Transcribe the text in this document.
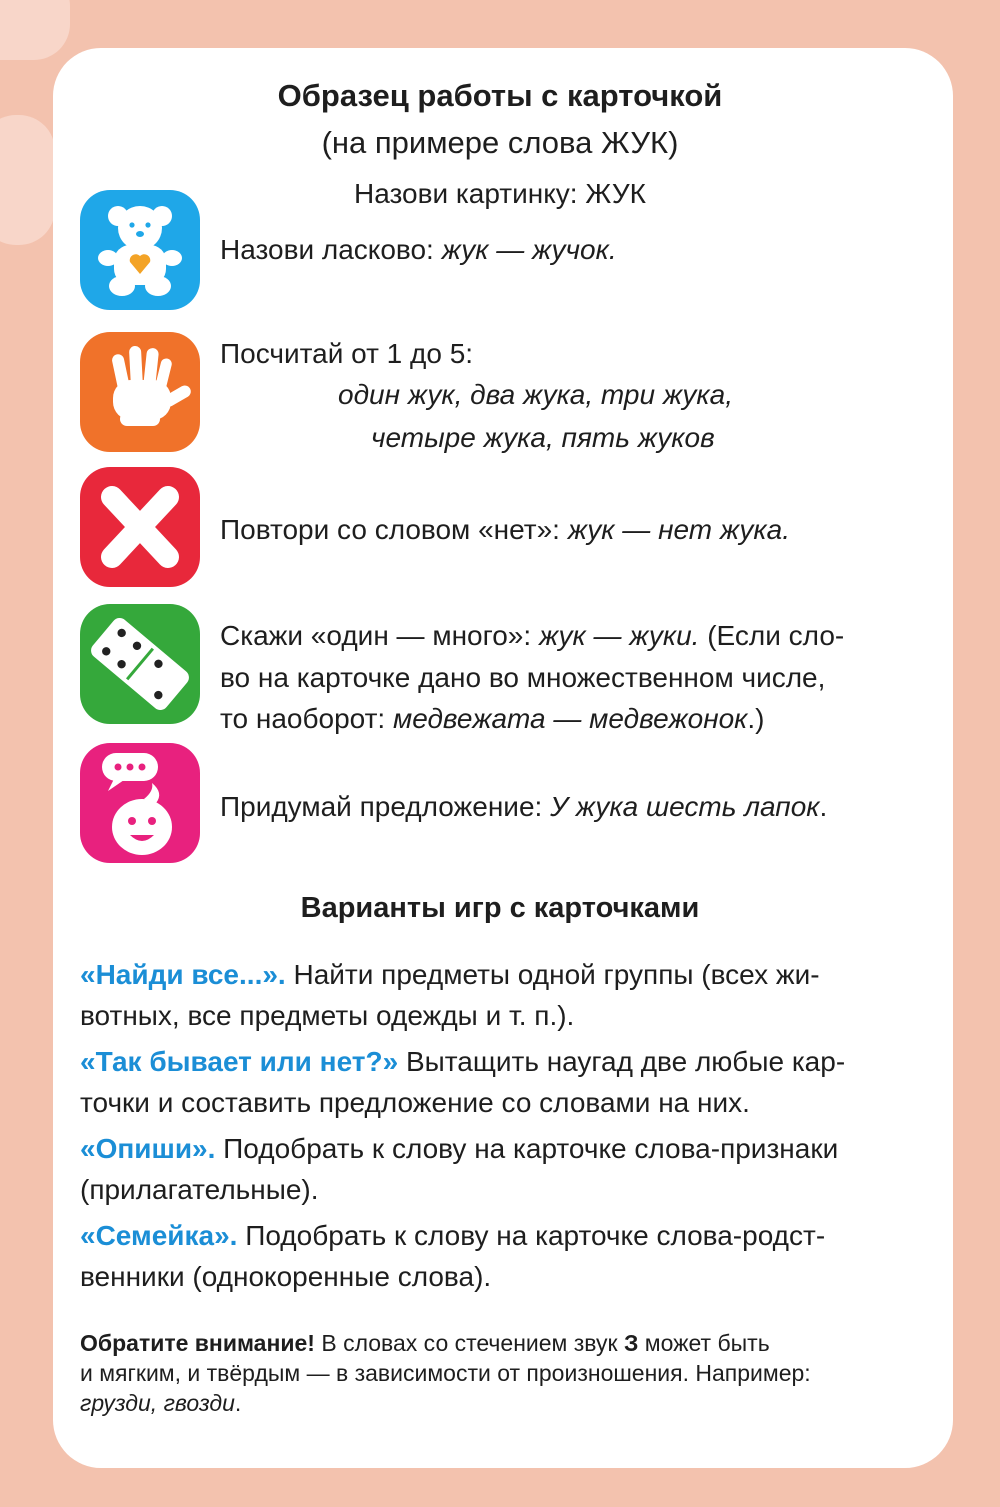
Образец работы с карточкой
(на примере слова ЖУК)
Назови картинку: ЖУК
Назови ласково: жук — жучок.
Посчитай от 1 до 5:
один жук, два жука, три жука,
четыре жука, пять жуков
Повтори со словом «нет»: жук — нет жука.
Скажи «один — много»: жук — жуки. (Если сло-
во на карточке дано во множественном числе,
то наоборот: медвежата — медвежонок.)
Придумай предложение: У жука шесть лапок.
Варианты игр с карточками
«Найди все...». Найти предметы одной группы (всех жи-
вотных, все предметы одежды и т. п.).
«Так бывает или нет?» Вытащить наугад две любые кар-
точки и составить предложение со словами на них.
«Опиши». Подобрать к слову на карточке слова-признаки
(прилагательные).
«Семейка». Подобрать к слову на карточке слова-родст-
венники (однокоренные слова).
Обратите внимание! В словах со стечением звук З может быть
и мягким, и твёрдым — в зависимости от произношения. Например:
грузди, гвозди.
